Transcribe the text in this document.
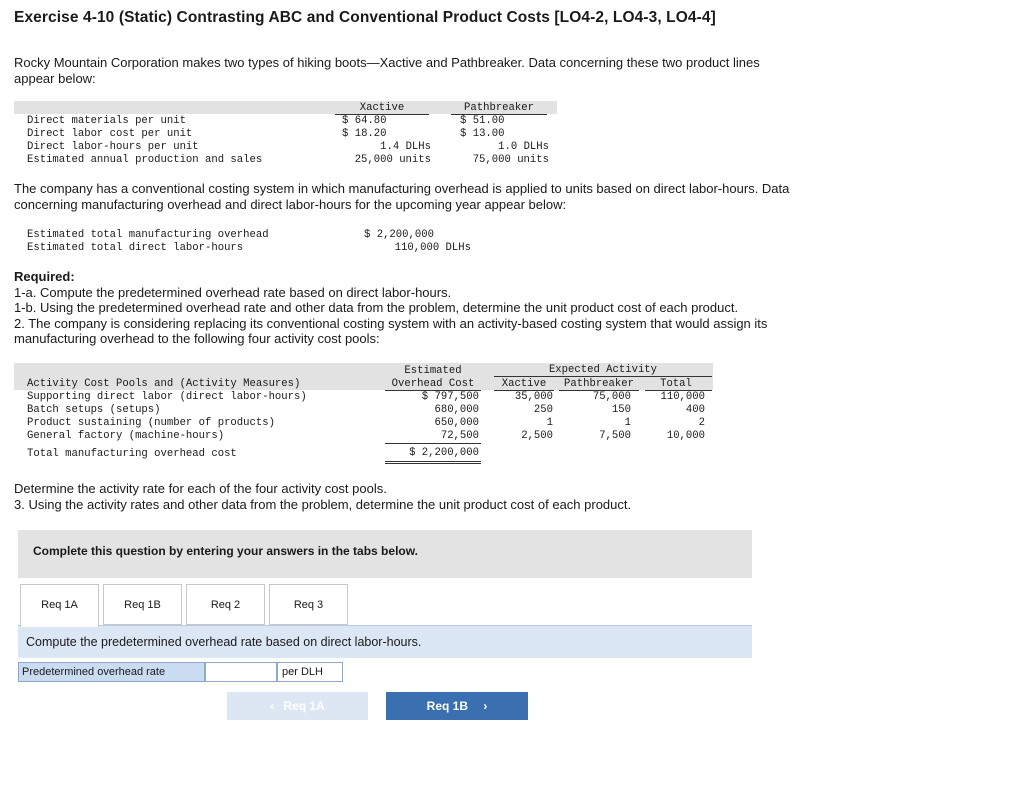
Exercise 4-10 (Static) Contrasting ABC and Conventional Product Costs [LO4-2, LO4-3, LO4-4]
Rocky Mountain Corporation makes two types of hiking boots—Xactive and Pathbreaker. Data concerning these two product lines
appear below:
Xactive	Pathbreaker
Direct materials per unit	$ 64.80	$ 51.00
Direct labor cost per unit	$ 18.20	$ 13.00
Direct labor-hours per unit	1.4 DLHs	1.0 DLHs
Estimated annual production and sales	25,000 units	75,000 units
The company has a conventional costing system in which manufacturing overhead is applied to units based on direct labor-hours. Data
concerning manufacturing overhead and direct labor-hours for the upcoming year appear below:
Estimated total manufacturing overhead	$ 2,200,000
Estimated total direct labor-hours	110,000 DLHs
Required:
1-a. Compute the predetermined overhead rate based on direct labor-hours.
1-b. Using the predetermined overhead rate and other data from the problem, determine the unit product cost of each product.
2. The company is considering replacing its conventional costing system with an activity-based costing system that would assign its
manufacturing overhead to the following four activity cost pools:
Estimated
Overhead Cost
Expected Activity
Activity Cost Pools and (Activity Measures)	Xactive	Pathbreaker	Total
Supporting direct labor (direct labor-hours)	$ 797,500	35,000	75,000	110,000
Batch setups (setups)	680,000	250	150	400
Product sustaining (number of products)	650,000	1	1	2
General factory (machine-hours)	72,500	2,500	7,500	10,000
Total manufacturing overhead cost	$ 2,200,000
Determine the activity rate for each of the four activity cost pools.
3. Using the activity rates and other data from the problem, determine the unit product cost of each product.
Complete this question by entering your answers in the tabs below.
Req 1A	Req 1B	Req 2	Req 3
Compute the predetermined overhead rate based on direct labor-hours.
Predetermined overhead rate	per DLH
‹ Req 1A	Req 1B ›
